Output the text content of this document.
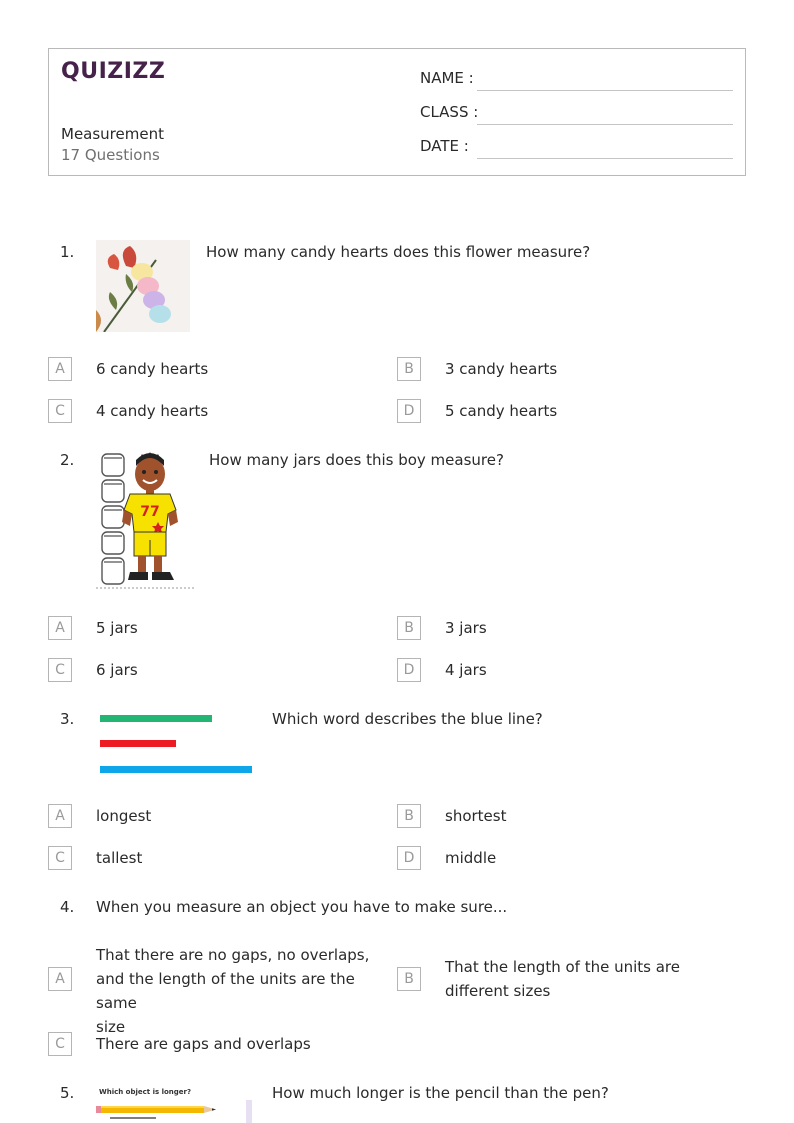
QUIZIZZ
Measurement
17 Questions
NAME :
CLASS :
DATE :
1.	How many candy hearts does this flower measure?
A	6 candy hearts	B	3 candy hearts
C	4 candy hearts	D	5 candy hearts
2.
77
How many jars does this boy measure?
A	5 jars	B	3 jars
C	6 jars	D	4 jars
3.	Which word describes the blue line?
A	longest	B	shortest
C	tallest	D	middle
4. When you measure an object you have to make sure...
A
That there are no gaps, no overlaps,
and the length of the units are the same
size
B
That the length of the units are
different sizes
C	There are gaps and overlaps
5.	Which object is longer?	How much longer is the pencil than the pen?
